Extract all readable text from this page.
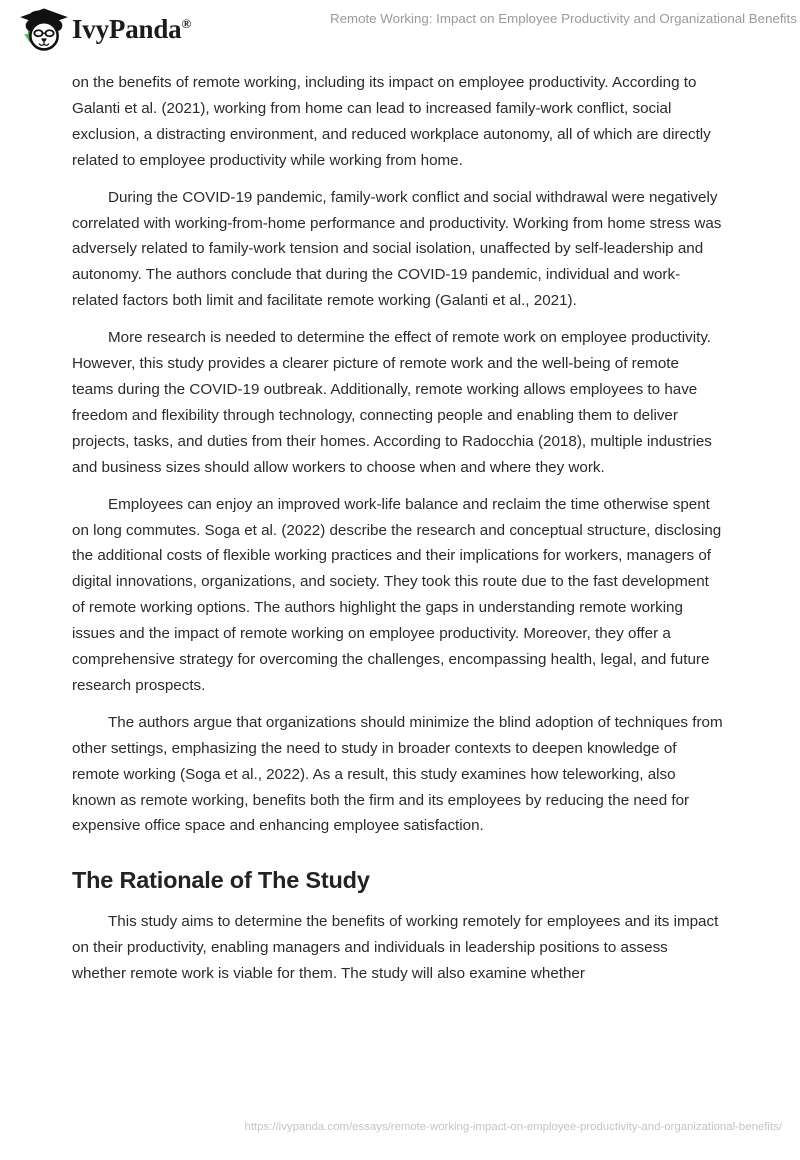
IvyPanda®	Remote Working: Impact on Employee Productivity and Organizational Benefits

on the benefits of remote working, including its impact on employee productivity. According to Galanti et al. (2021), working from home can lead to increased family-work conflict, social exclusion, a distracting environment, and reduced workplace autonomy, all of which are directly related to employee productivity while working from home.

During the COVID-19 pandemic, family-work conflict and social withdrawal were negatively correlated with working-from-home performance and productivity. Working from home stress was adversely related to family-work tension and social isolation, unaffected by self-leadership and autonomy. The authors conclude that during the COVID-19 pandemic, individual and work-related factors both limit and facilitate remote working (Galanti et al., 2021).

More research is needed to determine the effect of remote work on employee productivity. However, this study provides a clearer picture of remote work and the well-being of remote teams during the COVID-19 outbreak. Additionally, remote working allows employees to have freedom and flexibility through technology, connecting people and enabling them to deliver projects, tasks, and duties from their homes. According to Radocchia (2018), multiple industries and business sizes should allow workers to choose when and where they work.

Employees can enjoy an improved work-life balance and reclaim the time otherwise spent on long commutes. Soga et al. (2022) describe the research and conceptual structure, disclosing the additional costs of flexible working practices and their implications for workers, managers of digital innovations, organizations, and society. They took this route due to the fast development of remote working options. The authors highlight the gaps in understanding remote working issues and the impact of remote working on employee productivity. Moreover, they offer a comprehensive strategy for overcoming the challenges, encompassing health, legal, and future research prospects.

The authors argue that organizations should minimize the blind adoption of techniques from other settings, emphasizing the need to study in broader contexts to deepen knowledge of remote working (Soga et al., 2022). As a result, this study examines how teleworking, also known as remote working, benefits both the firm and its employees by reducing the need for expensive office space and enhancing employee satisfaction.

The Rationale of The Study

This study aims to determine the benefits of working remotely for employees and its impact on their productivity, enabling managers and individuals in leadership positions to assess whether remote work is viable for them. The study will also examine whether

https://ivypanda.com/essays/remote-working-impact-on-employee-productivity-and-organizational-benefits/
